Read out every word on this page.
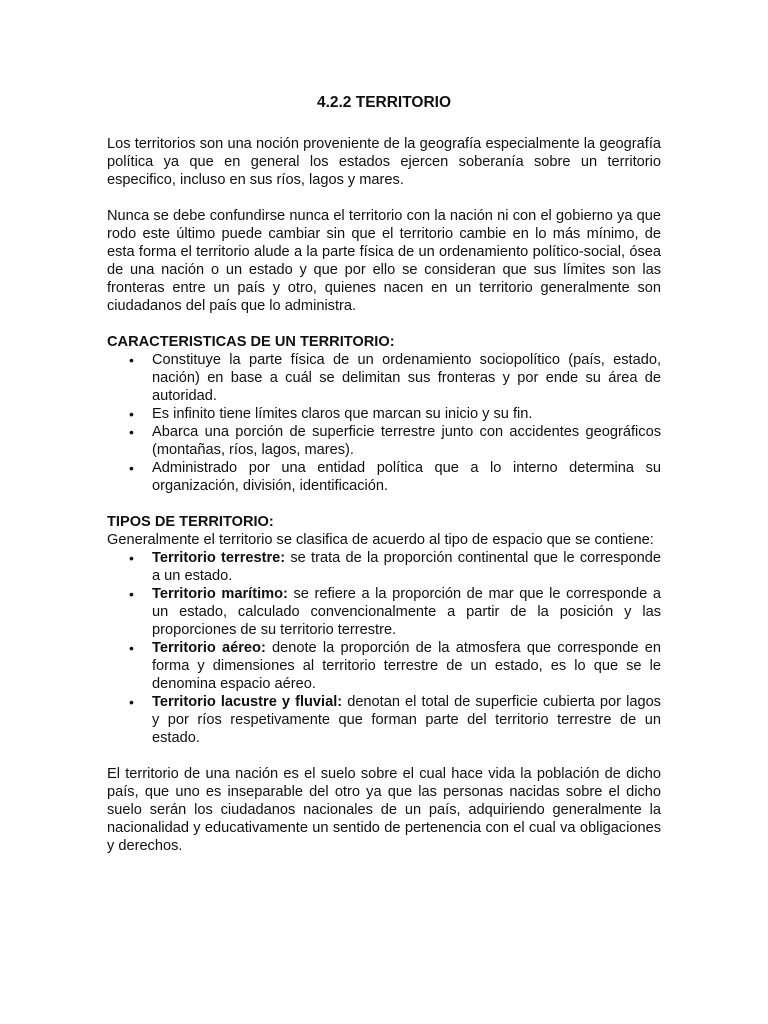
4.2.2 TERRITORIO

Los territorios son una noción proveniente de la geografía especialmente la geografía política ya que en general los estados ejercen soberanía sobre un territorio especifico, incluso en sus ríos, lagos y mares.

Nunca se debe confundirse nunca el territorio con la nación ni con el gobierno ya que rodo este último puede cambiar sin que el territorio cambie en lo más mínimo, de esta forma el territorio alude a la parte física de un ordenamiento político-social, ósea de una nación o un estado y que por ello se consideran que sus límites son las fronteras entre un país y otro, quienes nacen en un territorio generalmente son ciudadanos del país que lo administra.

CARACTERISTICAS DE UN TERRITORIO:
• Constituye la parte física de un ordenamiento sociopolítico (país, estado, nación) en base a cuál se delimitan sus fronteras y por ende su área de autoridad.
• Es infinito tiene límites claros que marcan su inicio y su fin.
• Abarca una porción de superficie terrestre junto con accidentes geográficos (montañas, ríos, lagos, mares).
• Administrado por una entidad política que a lo interno determina su organización, división, identificación.
TIPOS DE TERRITORIO:

Generalmente el territorio se clasifica de acuerdo al tipo de espacio que se contiene:

• Territorio terrestre: se trata de la proporción continental que le corresponde a un estado.
• Territorio marítimo: se refiere a la proporción de mar que le corresponde a un estado, calculado convencionalmente a partir de la posición y las proporciones de su territorio terrestre.
• Territorio aéreo: denote la proporción de la atmosfera que corresponde en forma y dimensiones al territorio terrestre de un estado, es lo que se le denomina espacio aéreo.
• Territorio lacustre y fluvial: denotan el total de superficie cubierta por lagos y por ríos respetivamente que forman parte del territorio terrestre de un estado.

El territorio de una nación es el suelo sobre el cual hace vida la población de dicho país, que uno es inseparable del otro ya que las personas nacidas sobre el dicho suelo serán los ciudadanos nacionales de un país, adquiriendo generalmente la nacionalidad y educativamente un sentido de pertenencia con el cual va obligaciones y derechos.
